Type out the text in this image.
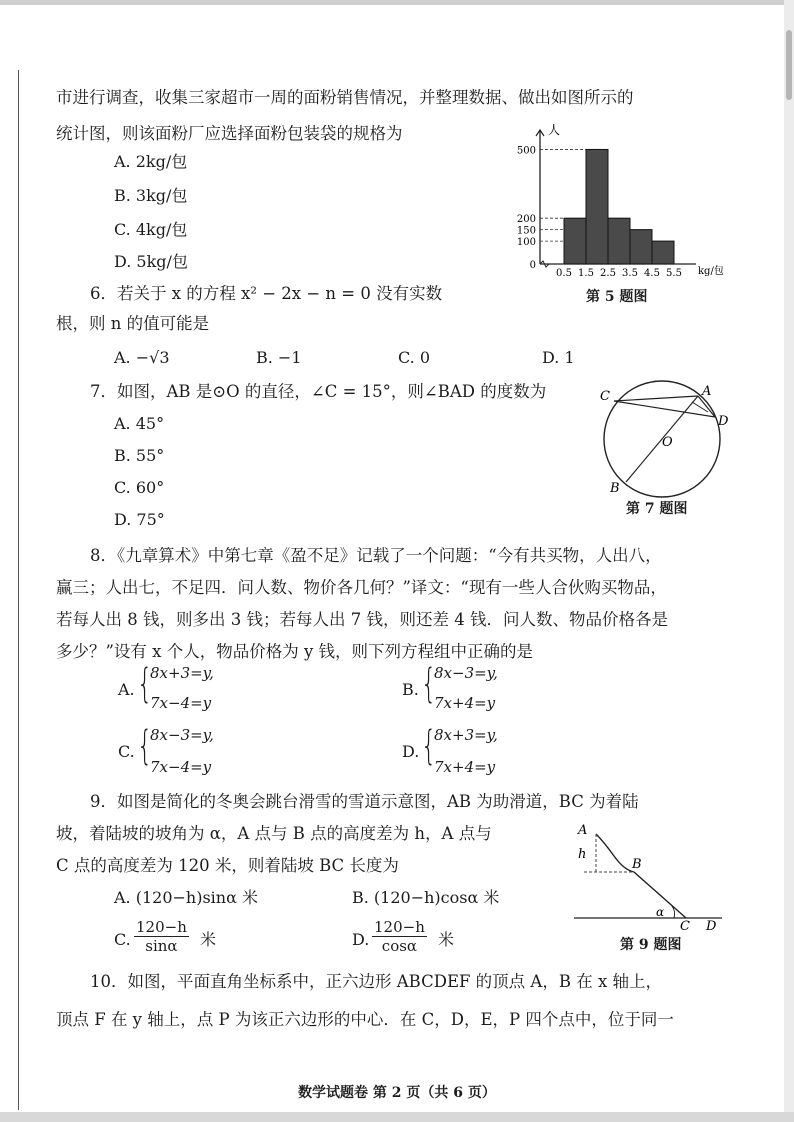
市进行调查，收集三家超市一周的面粉销售情况，并整理数据、做出如图所示的
统计图，则该面粉厂应选择面粉包装袋的规格为
A. 2kg/包
B. 3kg/包
C. 4kg/包
D. 5kg/包
人
kg/包
0
100
150
200
500
0.5 1.5 2.5 3.5 4.5 5.5
第 5 题图
6．若关于 x 的方程 x² − 2x − n = 0 没有实数
根，则 n 的值可能是
A. −√3	B. −1	C. 0	D. 1
7．如图，AB 是⊙O 的直径，∠C = 15°，则∠BAD 的度数为
A. 45°
B. 55°
C. 60°
D. 75°
C	A
D
O
B
第 7 题图
8．《九章算术》中第七章《盈不足》记载了一个问题：“今有共买物，人出八，
赢三；人出七，不足四．问人数、物价各几何？”译文：“现有一些人合伙购买物品，
若每人出 8 钱，则多出 3 钱；若每人出 7 钱，则还差 4 钱．问人数、物品价格各是
多少？”设有 x 个人，物品价格为 y 钱，则下列方程组中正确的是
A. {
8x+3=y,
7x−4=y
B. {
8x−3=y,
7x+4=y
C. {
8x−3=y,
7x−4=y
D. {
8x+3=y,
7x+4=y
9．如图是简化的冬奥会跳台滑雪的雪道示意图，AB 为助滑道，BC 为着陆
坡，着陆坡的坡角为 α，A 点与 B 点的高度差为 h，A 点与
C 点的高度差为 120 米，则着陆坡 BC 长度为
A. (120−h)sinα 米	B. (120−h)cosα 米
C. $\frac{120-h}{\sin\alpha}$ 米	D. $\frac{120-h}{\cos\alpha}$ 米
A
h
B
α
C D
第 9 题图
10．如图，平面直角坐标系中，正六边形 ABCDEF 的顶点 A，B 在 x 轴上，
顶点 F 在 y 轴上，点 P 为该正六边形的中心．在 C，D，E，P 四个点中，位于同一
数学试题卷 第 2 页（共 6 页）
